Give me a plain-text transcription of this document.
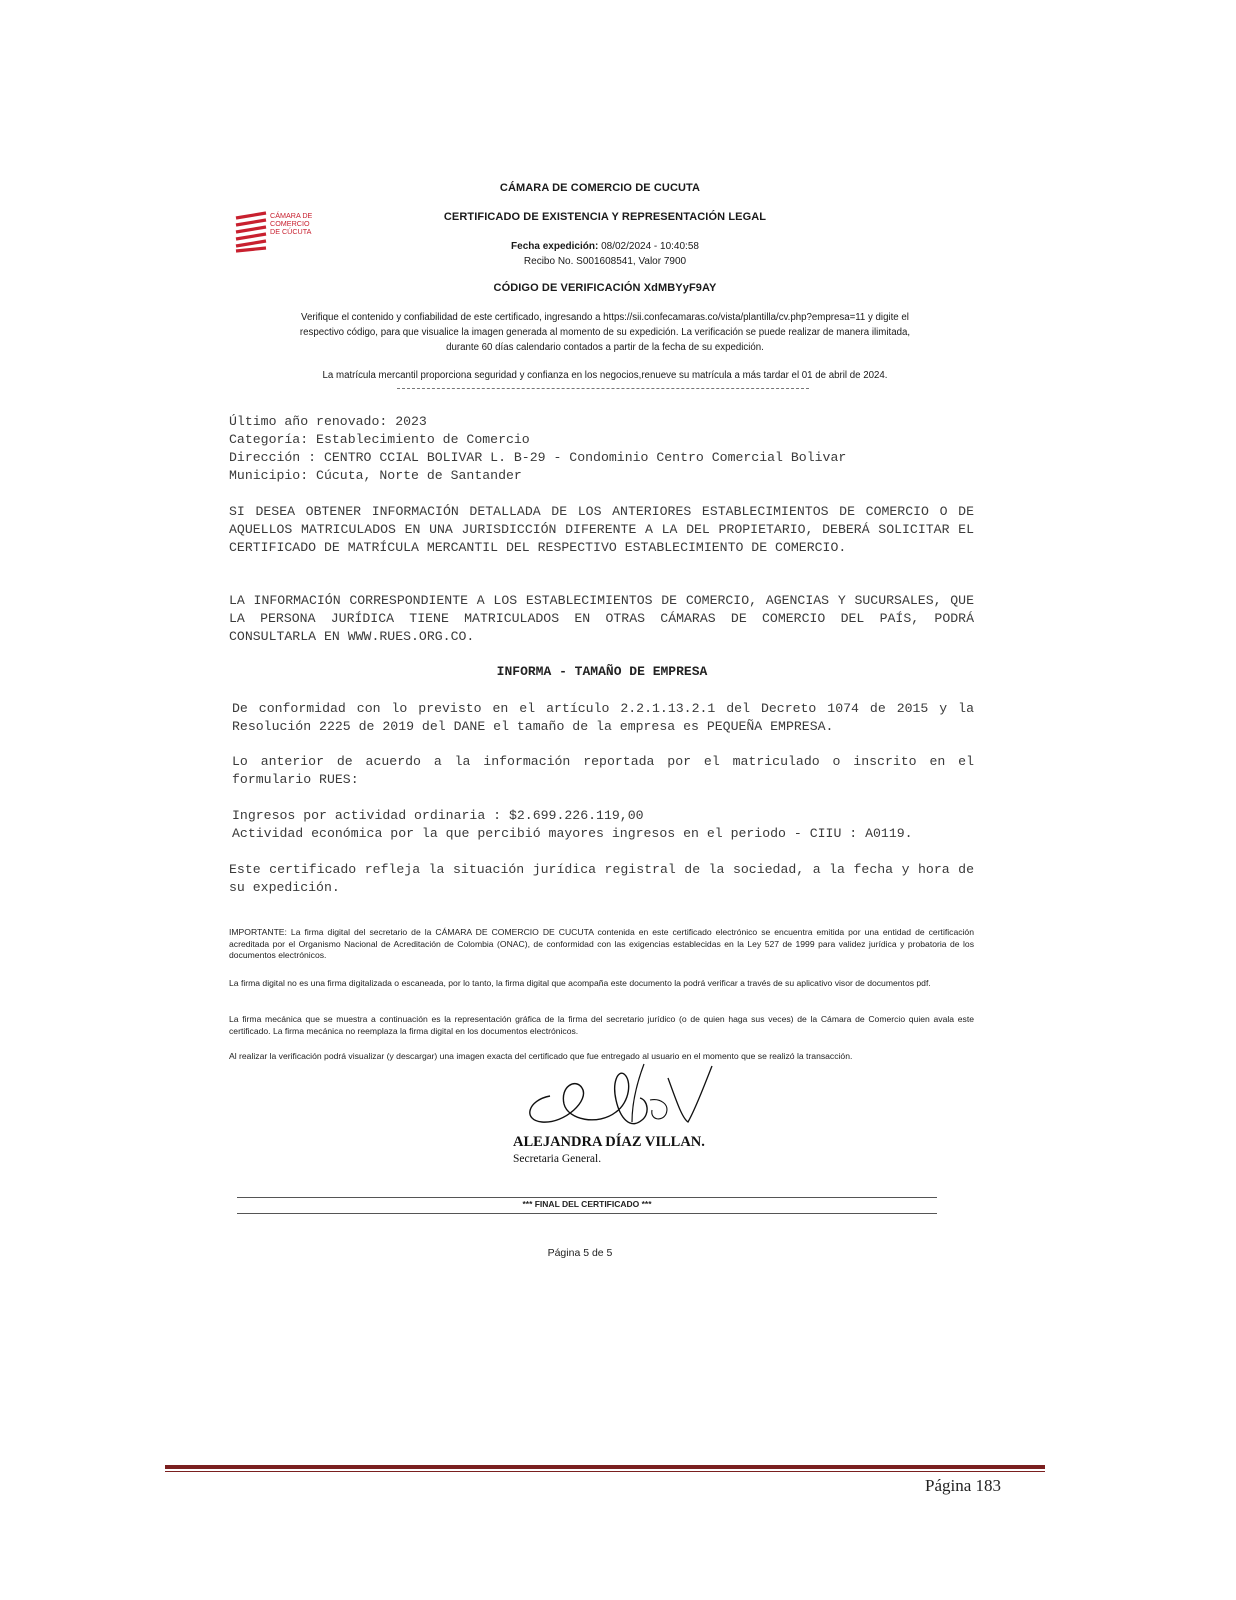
CÁMARA DE
COMERCIO
DE CÚCUTA
CÁMARA DE COMERCIO DE CUCUTA
CERTIFICADO DE EXISTENCIA Y REPRESENTACIÓN LEGAL
Fecha expedición: 08/02/2024 - 10:40:58
Recibo No. S001608541, Valor 7900
CÓDIGO DE VERIFICACIÓN XdMBYyF9AY
Verifique el contenido y confiabilidad de este certificado, ingresando a https://sii.confecamaras.co/vista/plantilla/cv.php?empresa=11 y digite el
respectivo código, para que visualice la imagen generada al momento de su expedición. La verificación se puede realizar de manera ilimitada,
durante 60 días calendario contados a partir de la fecha de su expedición.
La matrícula mercantil proporciona seguridad y confianza en los negocios,renueve su matrícula a más tardar el 01 de abril de 2024.
Último año renovado: 2023
Categoría: Establecimiento de Comercio
Dirección : CENTRO CCIAL BOLIVAR L. B-29 - Condominio Centro Comercial Bolivar
Municipio: Cúcuta, Norte de Santander
SI DESEA OBTENER INFORMACIÓN DETALLADA DE LOS ANTERIORES ESTABLECIMIENTOS DE COMERCIO O DE AQUELLOS MATRICULADOS EN UNA JURISDICCIÓN DIFERENTE A LA DEL PROPIETARIO, DEBERÁ SOLICITAR EL CERTIFICADO DE MATRÍCULA MERCANTIL DEL RESPECTIVO ESTABLECIMIENTO DE COMERCIO.
LA INFORMACIÓN CORRESPONDIENTE A LOS ESTABLECIMIENTOS DE COMERCIO, AGENCIAS Y SUCURSALES, QUE LA PERSONA JURÍDICA TIENE MATRICULADOS EN OTRAS CÁMARAS DE COMERCIO DEL PAÍS, PODRÁ CONSULTARLA EN WWW.RUES.ORG.CO.
INFORMA - TAMAÑO DE EMPRESA
De conformidad con lo previsto en el artículo 2.2.1.13.2.1 del Decreto 1074 de 2015 y la Resolución 2225 de 2019 del DANE el tamaño de la empresa es PEQUEÑA EMPRESA.
Lo anterior de acuerdo a la información reportada por el matriculado o inscrito en el formulario RUES:
Ingresos por actividad ordinaria : $2.699.226.119,00
Actividad económica por la que percibió mayores ingresos en el periodo - CIIU : A0119.
Este certificado refleja la situación jurídica registral de la sociedad, a la fecha y hora de su expedición.
IMPORTANTE: La firma digital del secretario de la CÁMARA DE COMERCIO DE CUCUTA contenida en este certificado electrónico se encuentra emitida por una entidad de certificación acreditada por el Organismo Nacional de Acreditación de Colombia (ONAC), de conformidad con las exigencias establecidas en la Ley 527 de 1999 para validez jurídica y probatoria de los documentos electrónicos.
La firma digital no es una firma digitalizada o escaneada, por lo tanto, la firma digital que acompaña este documento la podrá verificar a través de su aplicativo visor de documentos pdf.
La firma mecánica que se muestra a continuación es la representación gráfica de la firma del secretario jurídico (o de quien haga sus veces) de la Cámara de Comercio quien avala este certificado. La firma mecánica no reemplaza la firma digital en los documentos electrónicos.
Al realizar la verificación podrá visualizar (y descargar) una imagen exacta del certificado que fue entregado al usuario en el momento que se realizó la transacción.
ALEJANDRA DÍAZ VILLAN.
Secretaria General.
*** FINAL DEL CERTIFICADO ***
Página 5 de 5
Página 183
